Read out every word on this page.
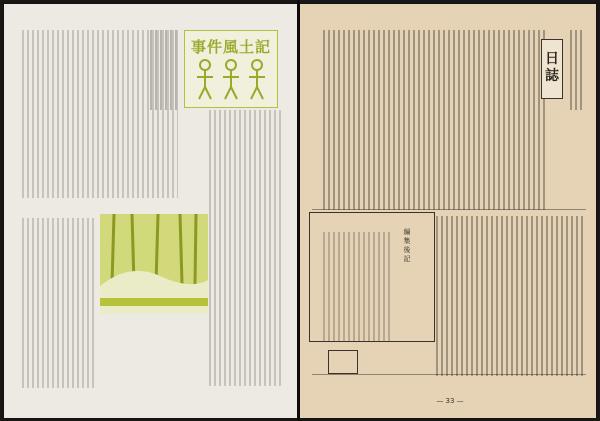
事件風土記
日
誌
編
集
後
記
— 33 —
